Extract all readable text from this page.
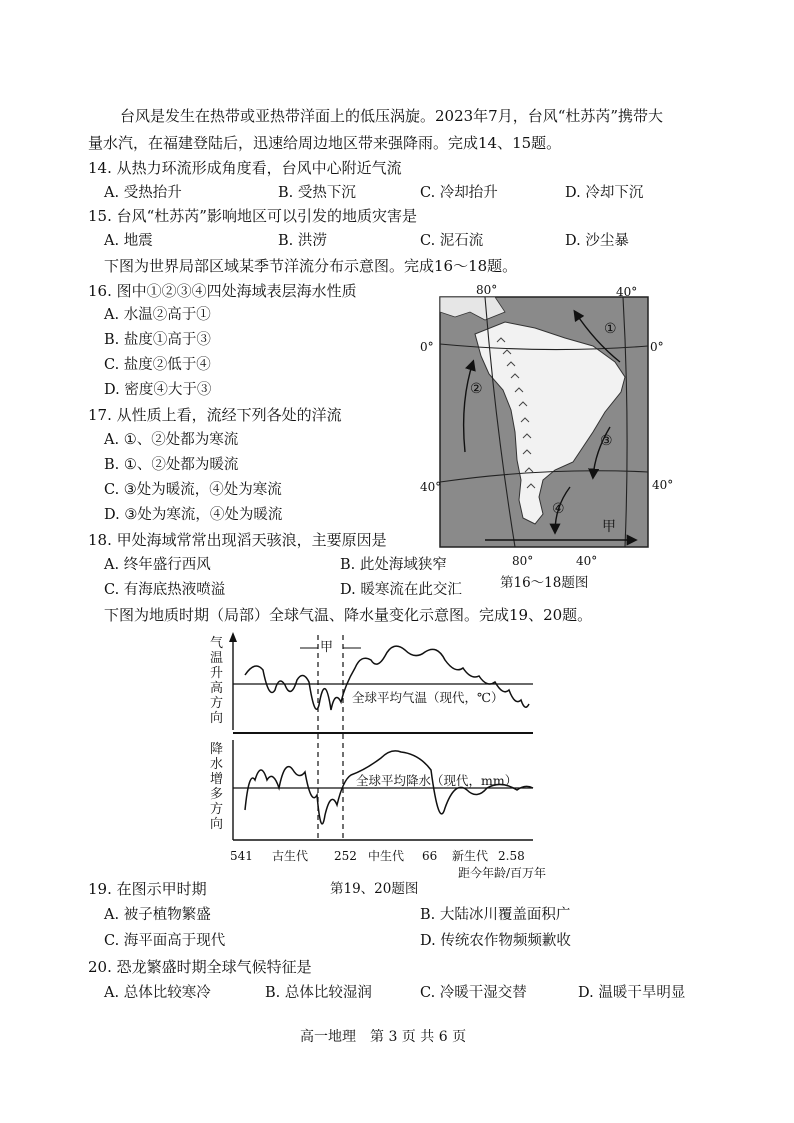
台风是发生在热带或亚热带洋面上的低压涡旋。2023年7月，台风“杜苏芮”携带大
量水汽，在福建登陆后，迅速给周边地区带来强降雨。完成14、15题。
14. 从热力环流形成角度看，台风中心附近气流
A. 受热抬升	B. 受热下沉	C. 冷却抬升	D. 冷却下沉
15. 台风“杜苏芮”影响地区可以引发的地质灾害是
A. 地震	B. 洪涝	C. 泥石流	D. 沙尘暴
下图为世界局部区域某季节洋流分布示意图。完成16～18题。
16. 图中①②③④四处海域表层海水性质
A. 水温②高于①
B. 盐度①高于③
C. 盐度②低于④
D. 密度④大于③
17. 从性质上看，流经下列各处的洋流
A. ①、②处都为寒流
B. ①、②处都为暖流
C. ③处为暖流，④处为寒流
D. ③处为寒流，④处为暖流
18. 甲处海域常常出现滔天骇浪，主要原因是
A. 终年盛行西风	B. 此处海域狭窄
C. 有海底热液喷溢	D. 暖寒流在此交汇
80°	40°
0°	0°
40°	40°
80°	40°
①
②
③
④
甲
第16～18题图
下图为地质时期（局部）全球气温、降水量变化示意图。完成19、20题。
气温升高方向
降水增多方向
甲
全球平均气温（现代，℃）
全球平均降水（现代，mm）
541 古生代 252 中生代 66 新生代 2.58
距今年龄/百万年
第19、20题图
19. 在图示甲时期
A. 被子植物繁盛	B. 大陆冰川覆盖面积广
C. 海平面高于现代	D. 传统农作物频频歉收
20. 恐龙繁盛时期全球气候特征是
A. 总体比较寒冷	B. 总体比较湿润	C. 冷暖干湿交替	D. 温暖干旱明显
高一地理　第 3 页 共 6 页
